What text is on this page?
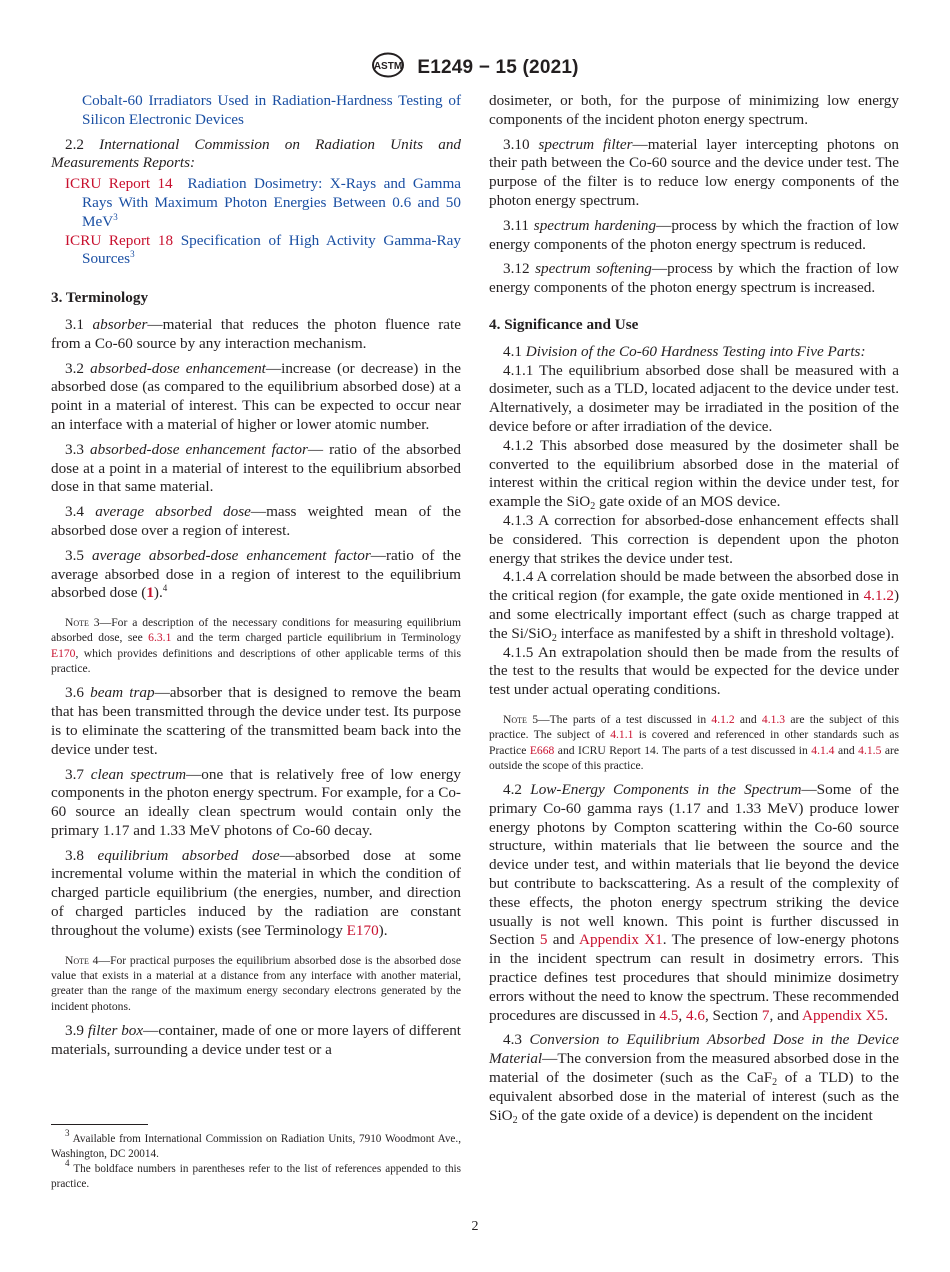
ASTM E1249 − 15 (2021)

Cobalt-60 Irradiators Used in Radiation-Hardness Testing of Silicon Electronic Devices

2.2 International Commission on Radiation Units and Measurements Reports:

ICRU Report 14 Radiation Dosimetry: X-Rays and Gamma Rays With Maximum Photon Energies Between 0.6 and 50 MeV$^3$

ICRU Report 18 Specification of High Activity Gamma-Ray Sources$^3$

3. Terminology

3.1 absorber—material that reduces the photon fluence rate from a Co-60 source by any interaction mechanism.

3.2 absorbed-dose enhancement—increase (or decrease) in the absorbed dose (as compared to the equilibrium absorbed dose) at a point in a material of interest. This can be expected to occur near an interface with a material of higher or lower atomic number.

3.3 absorbed-dose enhancement factor— ratio of the absorbed dose at a point in a material of interest to the equilibrium absorbed dose in that same material.

3.4 average absorbed dose—mass weighted mean of the absorbed dose over a region of interest.

3.5 average absorbed-dose enhancement factor—ratio of the average absorbed dose in a region of interest to the equilibrium absorbed dose (1).$^4$

Note 3—For a description of the necessary conditions for measuring equilibrium absorbed dose, see 6.3.1 and the term charged particle equilibrium in Terminology E170, which provides definitions and descriptions of other applicable terms of this practice.

3.6 beam trap—absorber that is designed to remove the beam that has been transmitted through the device under test. Its purpose is to eliminate the scattering of the transmitted beam back into the device under test.

3.7 clean spectrum—one that is relatively free of low energy components in the photon energy spectrum. For example, for a Co-60 source an ideally clean spectrum would contain only the primary 1.17 and 1.33 MeV photons of Co-60 decay.

3.8 equilibrium absorbed dose—absorbed dose at some incremental volume within the material in which the condition of charged particle equilibrium (the energies, number, and direction of charged particles induced by the radiation are constant throughout the volume) exists (see Terminology E170).

Note 4—For practical purposes the equilibrium absorbed dose is the absorbed dose value that exists in a material at a distance from any interface with another material, greater than the range of the maximum energy secondary electrons generated by the incident photons.

3.9 filter box—container, made of one or more layers of different materials, surrounding a device under test or a

$^3$ Available from International Commission on Radiation Units, 7910 Woodmont Ave., Washington, DC 20014.

$^4$ The boldface numbers in parentheses refer to the list of references appended to this practice.

dosimeter, or both, for the purpose of minimizing low energy components of the incident photon energy spectrum.

3.10 spectrum filter—material layer intercepting photons on their path between the Co-60 source and the device under test. The purpose of the filter is to reduce low energy components of the photon energy spectrum.

3.11 spectrum hardening—process by which the fraction of low energy components of the photon energy spectrum is reduced.

3.12 spectrum softening—process by which the fraction of low energy components of the photon energy spectrum is increased.

4. Significance and Use

4.1 Division of the Co-60 Hardness Testing into Five Parts:

4.1.1 The equilibrium absorbed dose shall be measured with a dosimeter, such as a TLD, located adjacent to the device under test. Alternatively, a dosimeter may be irradiated in the position of the device before or after irradiation of the device.

4.1.2 This absorbed dose measured by the dosimeter shall be converted to the equilibrium absorbed dose in the material of interest within the critical region within the device under test, for example the SiO$_2$ gate oxide of an MOS device.

4.1.3 A correction for absorbed-dose enhancement effects shall be considered. This correction is dependent upon the photon energy that strikes the device under test.

4.1.4 A correlation should be made between the absorbed dose in the critical region (for example, the gate oxide mentioned in 4.1.2) and some electrically important effect (such as charge trapped at the Si/SiO$_2$ interface as manifested by a shift in threshold voltage).

4.1.5 An extrapolation should then be made from the results of the test to the results that would be expected for the device under test under actual operating conditions.

Note 5—The parts of a test discussed in 4.1.2 and 4.1.3 are the subject of this practice. The subject of 4.1.1 is covered and referenced in other standards such as Practice E668 and ICRU Report 14. The parts of a test discussed in 4.1.4 and 4.1.5 are outside the scope of this practice.

4.2 Low-Energy Components in the Spectrum—Some of the primary Co-60 gamma rays (1.17 and 1.33 MeV) produce lower energy photons by Compton scattering within the Co-60 source structure, within materials that lie between the source and the device under test, and within materials that lie beyond the device but contribute to backscattering. As a result of the complexity of these effects, the photon energy spectrum striking the device usually is not well known. This point is further discussed in Section 5 and Appendix X1. The presence of low-energy photons in the incident spectrum can result in dosimetry errors. This practice defines test procedures that should minimize dosimetry errors without the need to know the spectrum. These recommended procedures are discussed in 4.5, 4.6, Section 7, and Appendix X5.

4.3 Conversion to Equilibrium Absorbed Dose in the Device Material—The conversion from the measured absorbed dose in the material of the dosimeter (such as the CaF$_2$ of a TLD) to the equivalent absorbed dose in the material of interest (such as the SiO$_2$ of the gate oxide of a device) is dependent on the incident

2
